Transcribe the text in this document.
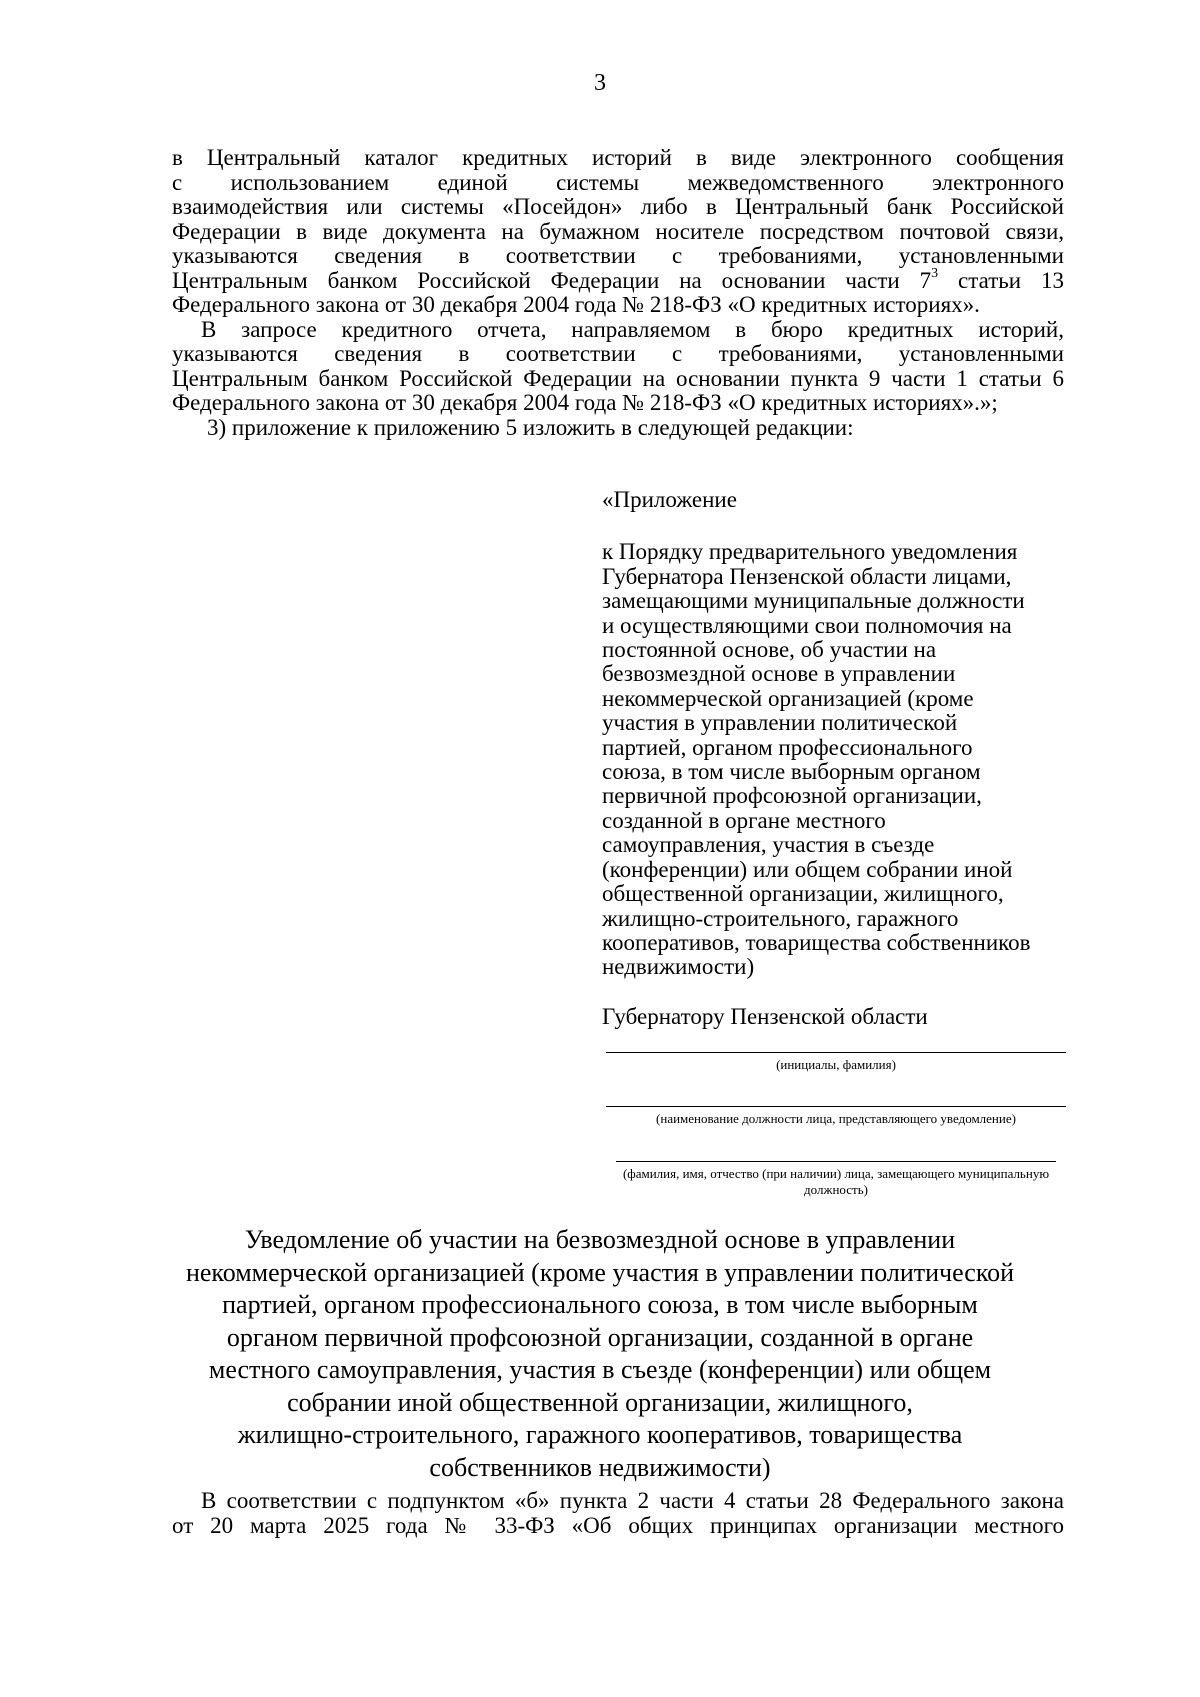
3

в Центральный каталог кредитных историй в виде электронного сообщения

с использованием единой системы межведомственного электронного

взаимодействия или системы «Посейдон» либо в Центральный банк Российской

Федерации в виде документа на бумажном носителе посредством почтовой связи,

указываются сведения в соответствии с требованиями, установленными

Центральным банком Российской Федерации на основании части $7^3$ статьи 13

Федерального закона от 30 декабря 2004 года № 218-ФЗ «О кредитных историях».

В запросе кредитного отчета, направляемом в бюро кредитных историй,

указываются сведения в соответствии с требованиями, установленными

Центральным банком Российской Федерации на основании пункта 9 части 1 статьи 6

Федерального закона от 30 декабря 2004 года № 218-ФЗ «О кредитных историях».»;

3) приложение к приложению 5 изложить в следующей редакции:

«Приложение

к Порядку предварительного уведомления
Губернатора Пензенской области лицами,
замещающими муниципальные должности
и осуществляющими свои полномочия на
постоянной основе, об участии на
безвозмездной основе в управлении
некоммерческой организацией (кроме
участия в управлении политической
партией, органом профессионального
союза, в том числе выборным органом
первичной профсоюзной организации,
созданной в органе местного
самоуправления, участия в съезде
(конференции) или общем собрании иной
общественной организации, жилищного,
жилищно-строительного, гаражного
кооперативов, товарищества собственников
недвижимости)
Губернатору Пензенской области
(инициалы, фамилия)
(наименование должности лица, представляющего уведомление)
(фамилия, имя, отчество (при наличии) лица, замещающего муниципальную должность)
Уведомление об участии на безвозмездной основе в управлении
некоммерческой организацией (кроме участия в управлении политической
партией, органом профессионального союза, в том числе выборным
органом первичной профсоюзной организации, созданной в органе
местного самоуправления, участия в съезде (конференции) или общем
собрании иной общественной организации, жилищного,
жилищно-строительного, гаражного кооперативов, товарищества
собственников недвижимости)

В соответствии с подпунктом «б» пункта 2 части 4 статьи 28 Федерального закона

от 20 марта 2025 года № 33-ФЗ «Об общих принципах организации местного
